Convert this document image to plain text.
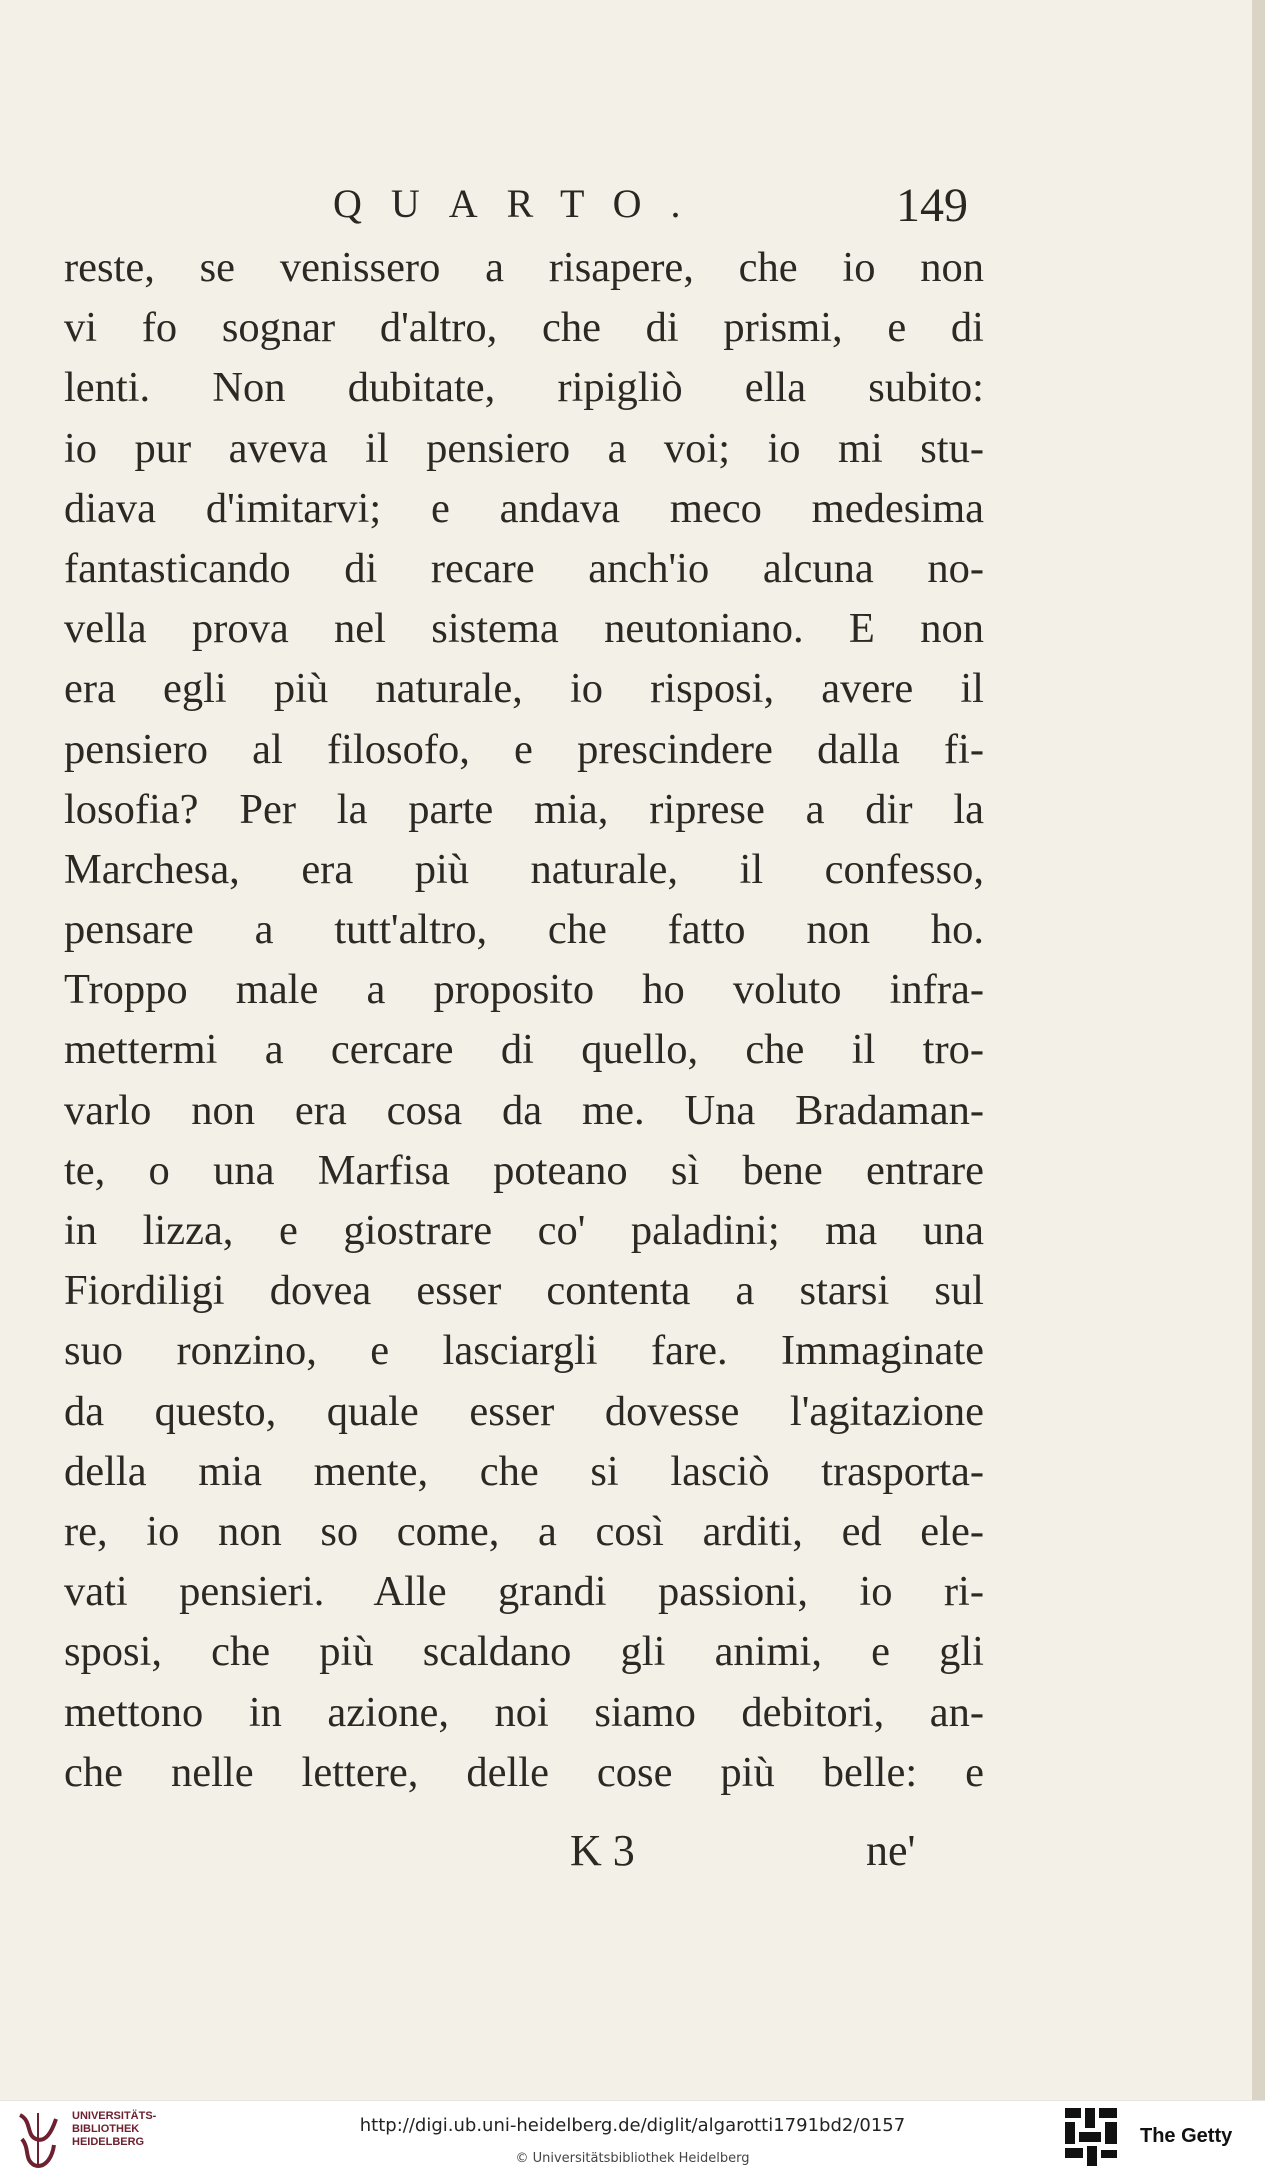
QUARTO.	149
reste, se venissero a risapere, che io non
vi fo sognar d'altro, che di prismi, e di
lenti. Non dubitate, ripigliò ella subito:
io pur aveva il pensiero a voi; io mi stu-
diava d'imitarvi; e andava meco medesima
fantasticando di recare anch'io alcuna no-
vella prova nel sistema neutoniano. E non
era egli più naturale, io risposi, avere il
pensiero al filosofo, e prescindere dalla fi-
losofia? Per la parte mia, riprese a dir la
Marchesa, era più naturale, il confesso,
pensare a tutt'altro, che fatto non ho.
Troppo male a proposito ho voluto infra-
mettermi a cercare di quello, che il tro-
varlo non era cosa da me. Una Bradaman-
te, o una Marfisa poteano sì bene entrare
in lizza, e giostrare co' paladini; ma una
Fiordiligi dovea esser contenta a starsi sul
suo ronzino, e lasciargli fare. Immaginate
da questo, quale esser dovesse l'agitazione
della mia mente, che si lasciò trasporta-
re, io non so come, a così arditi, ed ele-
vati pensieri. Alle grandi passioni, io ri-
sposi, che più scaldano gli animi, e gli
mettono in azione, noi siamo debitori, an-
che nelle lettere, delle cose più belle: e
K 3	ne'
UNIVERSITÄTS-
BIBLIOTHEK
HEIDELBERG
http://digi.ub.uni-heidelberg.de/diglit/algarotti1791bd2/0157
© Universitätsbibliothek Heidelberg
The Getty
